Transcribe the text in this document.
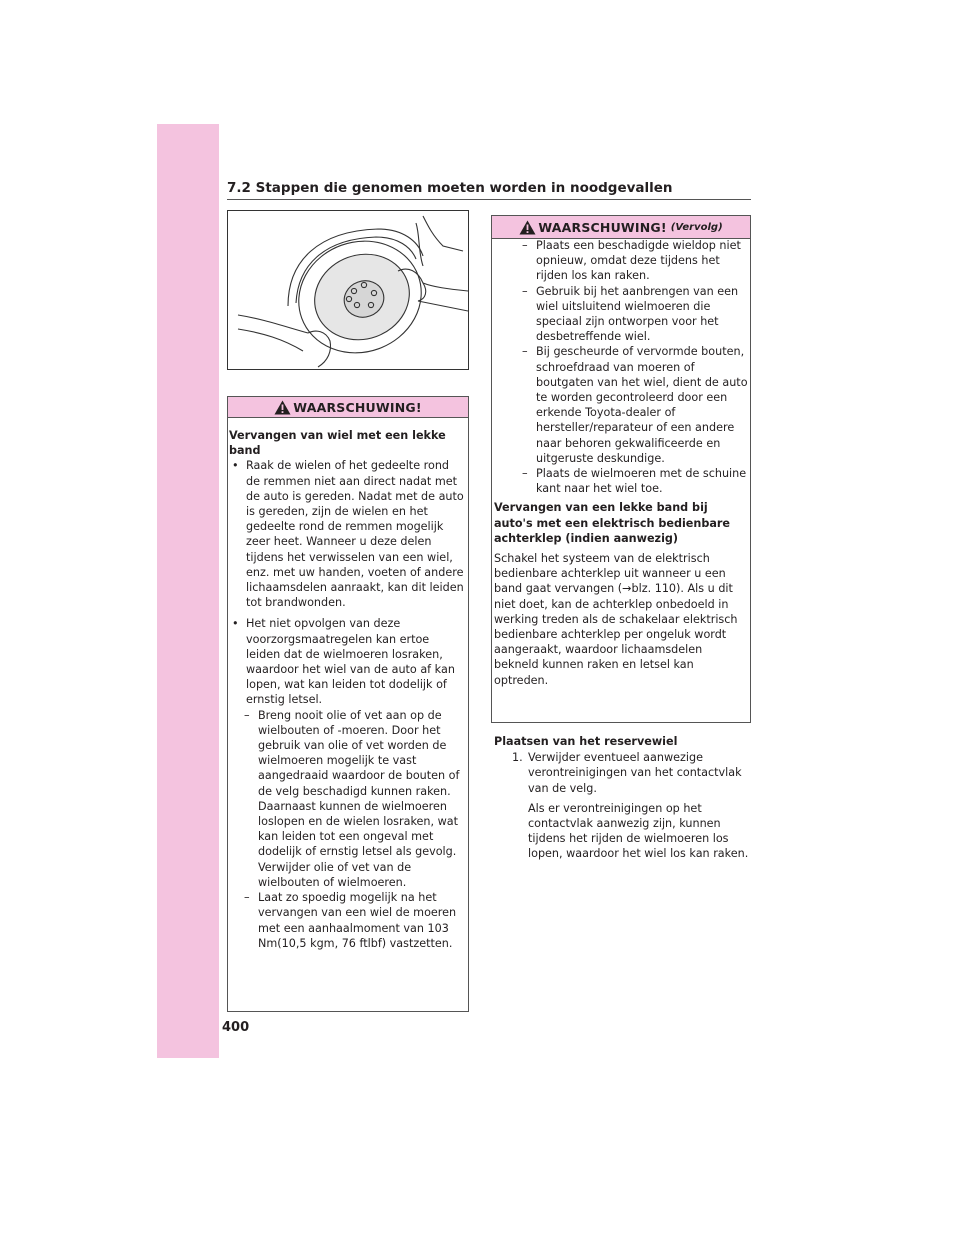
7.2 Stappen die genomen moeten worden in noodgevallen
WAARSCHUWING!

Vervangen van wiel met een lekke band

• Raak de wielen of het gedeelte rond de remmen niet aan direct nadat met de auto is gereden. Nadat met de auto is gereden, zijn de wielen en het gedeelte rond de remmen mogelijk zeer heet. Wanneer u deze delen tijdens het verwisselen van een wiel, enz. met uw handen, voeten of andere lichaamsdelen aanraakt, kan dit leiden tot brandwonden.
• Het niet opvolgen van deze voorzorgsmaatregelen kan ertoe leiden dat de wielmoeren losraken, waardoor het wiel van de auto af kan lopen, wat kan leiden tot dodelijk of ernstig letsel.
– Breng nooit olie of vet aan op de wielbouten of -moeren. Door het gebruik van olie of vet worden de wielmoeren mogelijk te vast aangedraaid waardoor de bouten of de velg beschadigd kunnen raken. Daarnaast kunnen de wielmoeren loslopen en de wielen losraken, wat kan leiden tot een ongeval met dodelijk of ernstig letsel als gevolg. Verwijder olie of vet van de wielbouten of wielmoeren.
– Laat zo spoedig mogelijk na het vervangen van een wiel de moeren met een aanhaalmoment van 103 Nm(10,5 kgm, 76 ftlbf) vastzetten.
WAARSCHUWING! (Vervolg)
– Plaats een beschadigde wieldop niet opnieuw, omdat deze tijdens het rijden los kan raken.
– Gebruik bij het aanbrengen van een wiel uitsluitend wielmoeren die speciaal zijn ontworpen voor het desbetreffende wiel.
– Bij gescheurde of vervormde bouten, schroefdraad van moeren of boutgaten van het wiel, dient de auto te worden gecontroleerd door een erkende Toyota-dealer of hersteller/reparateur of een andere naar behoren gekwalificeerde en uitgeruste deskundige.
– Plaats de wielmoeren met de schuine kant naar het wiel toe.

Vervangen van een lekke band bij auto's met een elektrisch bedienbare achterklep (indien aanwezig)

Schakel het systeem van de elektrisch bedienbare achterklep uit wanneer u een band gaat vervangen (→blz. 110). Als u dit niet doet, kan de achterklep onbedoeld in werking treden als de schakelaar elektrisch bedienbare achterklep per ongeluk wordt aangeraakt, waardoor lichaamsdelen bekneld kunnen raken en letsel kan optreden.

Plaatsen van het reservewiel

1. Verwijder eventueel aanwezige verontreinigingen van het contactvlak van de velg.

Als er verontreinigingen op het contactvlak aanwezig zijn, kunnen tijdens het rijden de wielmoeren los lopen, waardoor het wiel los kan raken.

400
